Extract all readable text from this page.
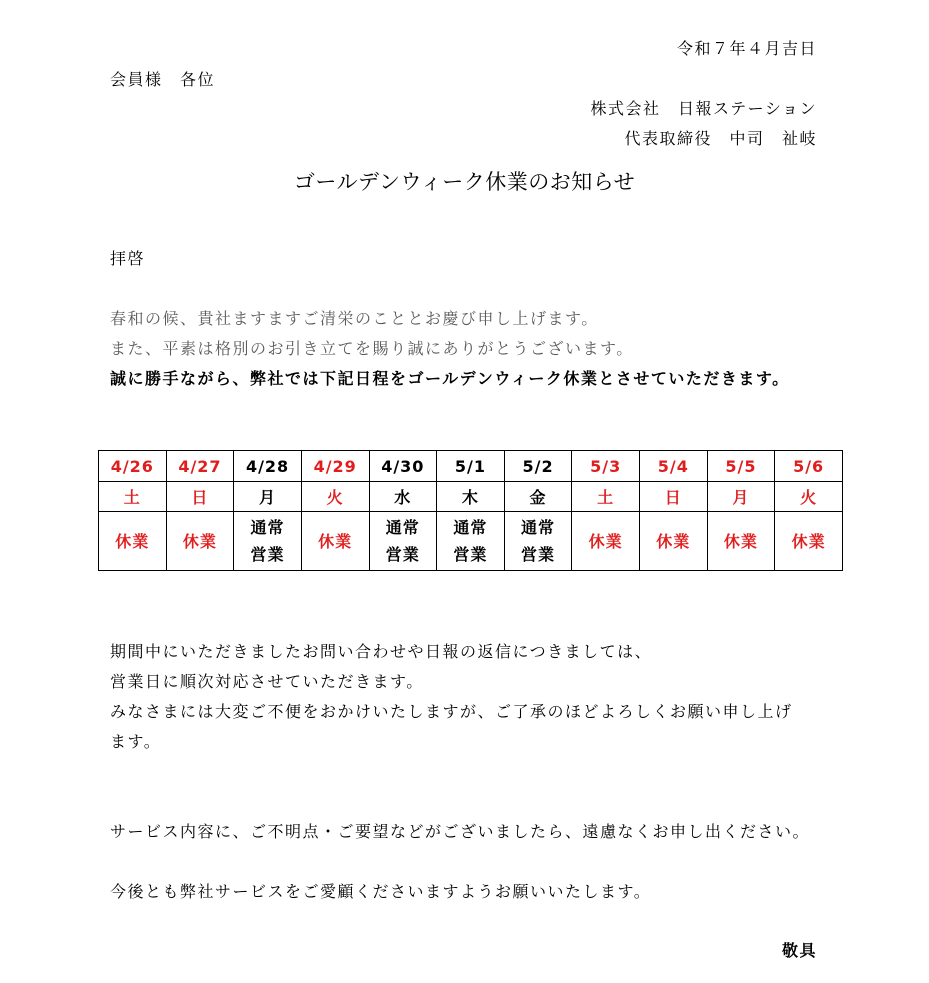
令和７年４月吉日
会員様　各位
株式会社　日報ステーション
代表取締役　中司　祉岐
ゴールデンウィーク休業のお知らせ
拝啓
春和の候、貴社ますますご清栄のこととお慶び申し上げます。
また、平素は格別のお引き立てを賜り誠にありがとうございます。
誠に勝手ながら、弊社では下記日程をゴールデンウィーク休業とさせていただきます。
4/26	4/27	4/28	4/29	4/30	5/1	5/2	5/3	5/4	5/5	5/6
土	日	月	火	水	木	金	土	日	月	火
休業	休業	通常営業	休業	通常営業	通常営業	通常営業	休業	休業	休業	休業
期間中にいただきましたお問い合わせや日報の返信につきましては、
営業日に順次対応させていただきます。
みなさまには大変ご不便をおかけいたしますが、ご了承のほどよろしくお願い申し上げ
ます。
サービス内容に、ご不明点・ご要望などがございましたら、遠慮なくお申し出ください。
今後とも弊社サービスをご愛顧くださいますようお願いいたします。
敬具
